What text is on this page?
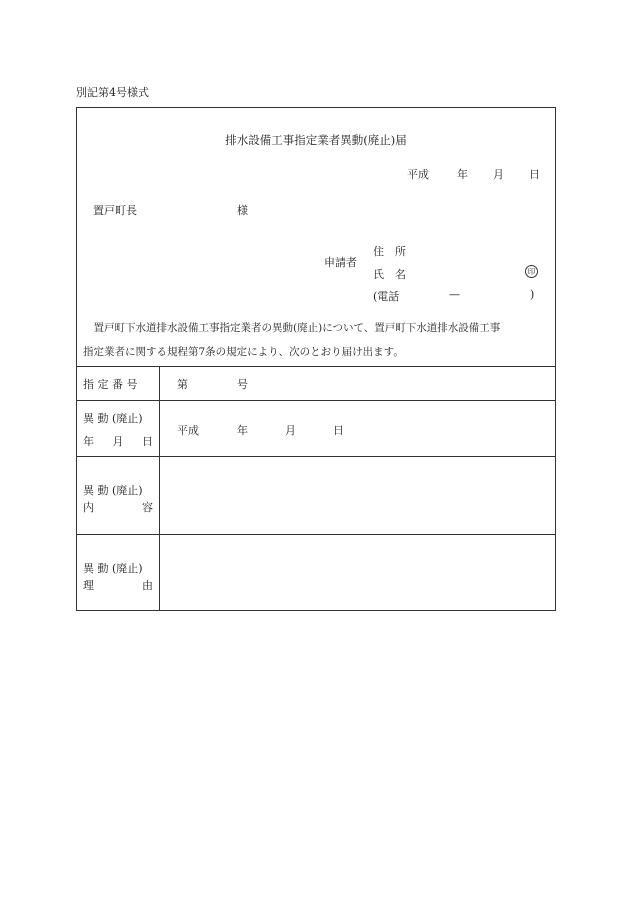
別記第4号様式
排水設備工事指定業者異動(廃止)届
平成	年 月 日
置戸町長	様
申請者
住　所
氏　名	印
(電話	—	)
　置戸町下水道排水設備工事指定業者の異動(廃止)について、置戸町下水道排水設備工事
指定業者に関する規程第7条の規定により、次のとおり届け出ます。
指 定 番 号	第	号
異 動 (廃止)
年 月 日
平成	年	月	日
異 動 (廃止)
内	容
異 動 (廃止)
理	由
